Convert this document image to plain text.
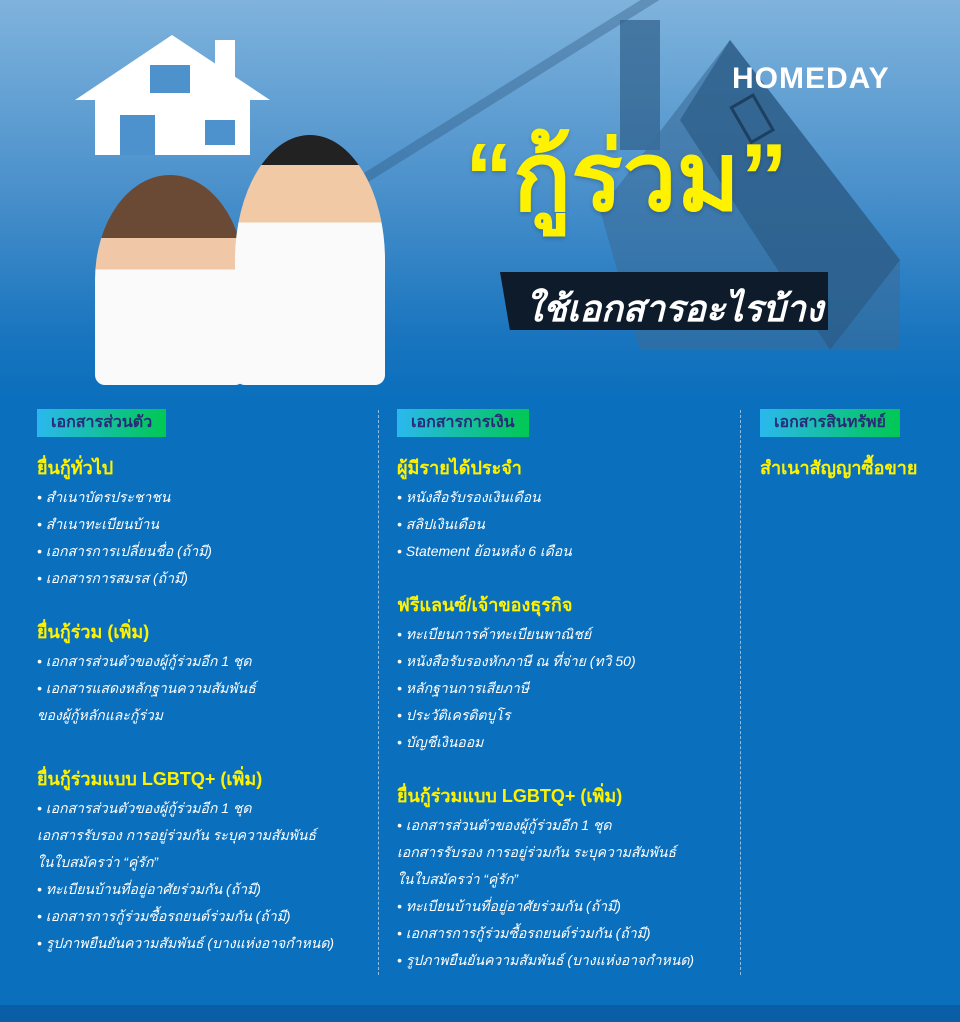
HOMEDAY
“กู้ร่วม”
ใช้เอกสารอะไรบ้าง
เอกสารส่วนตัว	เอกสารการเงิน	เอกสารสินทรัพย์
ยื่นกู้ทั่วไป
• สำเนาบัตรประชาชน
• สำเนาทะเบียนบ้าน
• เอกสารการเปลี่ยนชื่อ (ถ้ามี)
• เอกสารการสมรส (ถ้ามี)
ยื่นกู้ร่วม (เพิ่ม)
• เอกสารส่วนตัวของผู้กู้ร่วมอีก 1 ชุด
• เอกสารแสดงหลักฐานความสัมพันธ์
ของผู้กู้หลักและกู้ร่วม
ยื่นกู้ร่วมแบบ LGBTQ+ (เพิ่ม)
• เอกสารส่วนตัวของผู้กู้ร่วมอีก 1 ชุด
เอกสารรับรอง การอยู่ร่วมกัน ระบุความสัมพันธ์
ในใบสมัครว่า “คู่รัก”
• ทะเบียนบ้านที่อยู่อาศัยร่วมกัน (ถ้ามี)
• เอกสารการกู้ร่วมซื้อรถยนต์ร่วมกัน (ถ้ามี)
• รูปภาพยืนยันความสัมพันธ์ (บางแห่งอาจกำหนด)
ผู้มีรายได้ประจำ
• หนังสือรับรองเงินเดือน
• สลิปเงินเดือน
• Statement ย้อนหลัง 6 เดือน
ฟรีแลนซ์/เจ้าของธุรกิจ
• ทะเบียนการค้าทะเบียนพาณิชย์
• หนังสือรับรองหักภาษี ณ ที่จ่าย (ทวิ 50)
• หลักฐานการเสียภาษี
• ประวัติเครดิตบูโร
• บัญชีเงินออม
ยื่นกู้ร่วมแบบ LGBTQ+ (เพิ่ม)
• เอกสารส่วนตัวของผู้กู้ร่วมอีก 1 ชุด
เอกสารรับรอง การอยู่ร่วมกัน ระบุความสัมพันธ์
ในใบสมัครว่า “คู่รัก”
• ทะเบียนบ้านที่อยู่อาศัยร่วมกัน (ถ้ามี)
• เอกสารการกู้ร่วมซื้อรถยนต์ร่วมกัน (ถ้ามี)
• รูปภาพยืนยันความสัมพันธ์ (บางแห่งอาจกำหนด)
สำเนาสัญญาซื้อขาย
